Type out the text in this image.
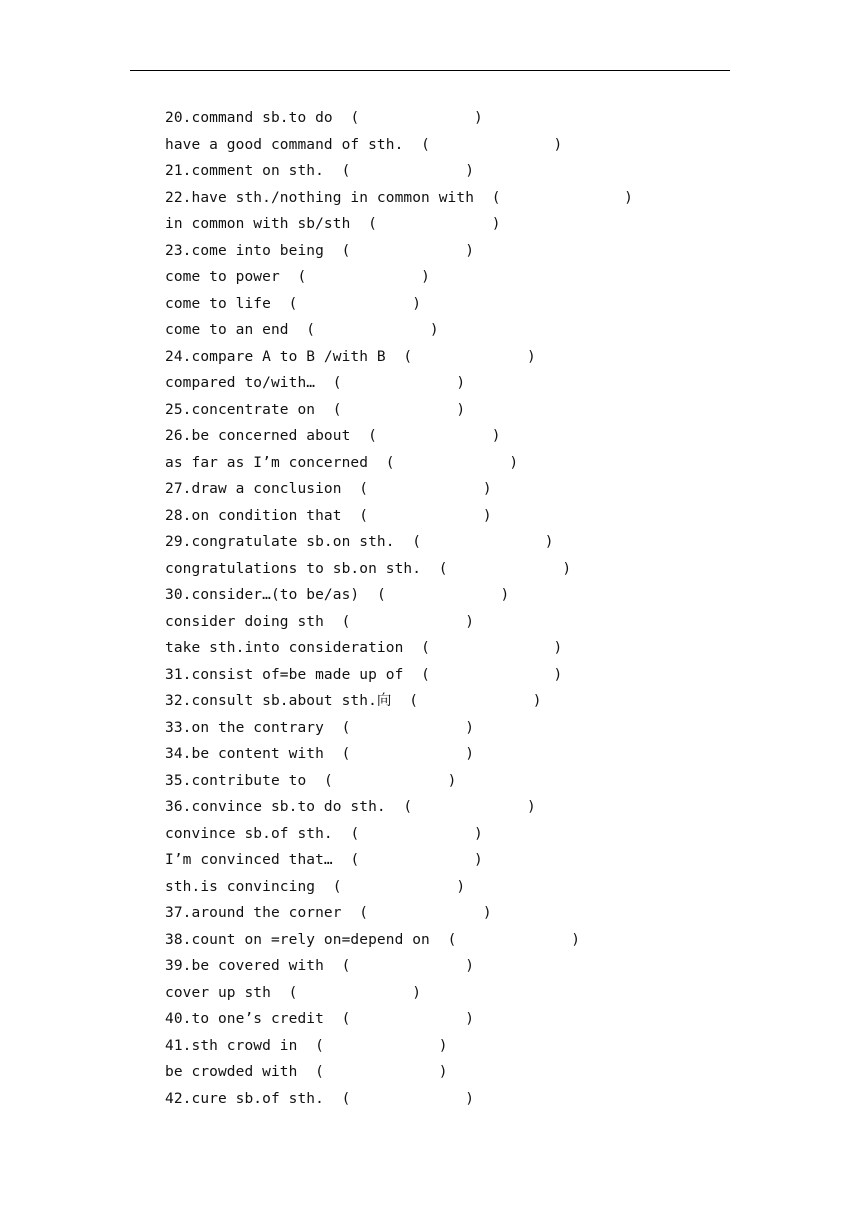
20.command sb.to do (             )
have a good command of sth. (              )
21.comment on sth. (             )
22.have sth./nothing in common with (              )
in common with sb/sth (             )
23.come into being (             )
come to power (             )
come to life (             )
come to an end (             )
24.compare A to B /with B (             )
compared to/with… (             )
25.concentrate on (             )
26.be concerned about (             )
as far as I’m concerned (             )
27.draw a conclusion (             )
28.on condition that (             )
29.congratulate sb.on sth. (              )
congratulations to sb.on sth. (             )
30.consider…(to be/as) (             )
consider doing sth (             )
take sth.into consideration (              )
31.consist of=be made up of (              )
32.consult sb.about sth.向 (             )
33.on the contrary (             )
34.be content with (             )
35.contribute to (             )
36.convince sb.to do sth. (             )
convince sb.of sth. (             )
I’m convinced that… (             )
sth.is convincing (             )
37.around the corner (             )
38.count on =rely on=depend on (             )
39.be covered with (             )
cover up sth (             )
40.to one’s credit (             )
41.sth crowd in (             )
be crowded with (             )
42.cure sb.of sth. (             )
